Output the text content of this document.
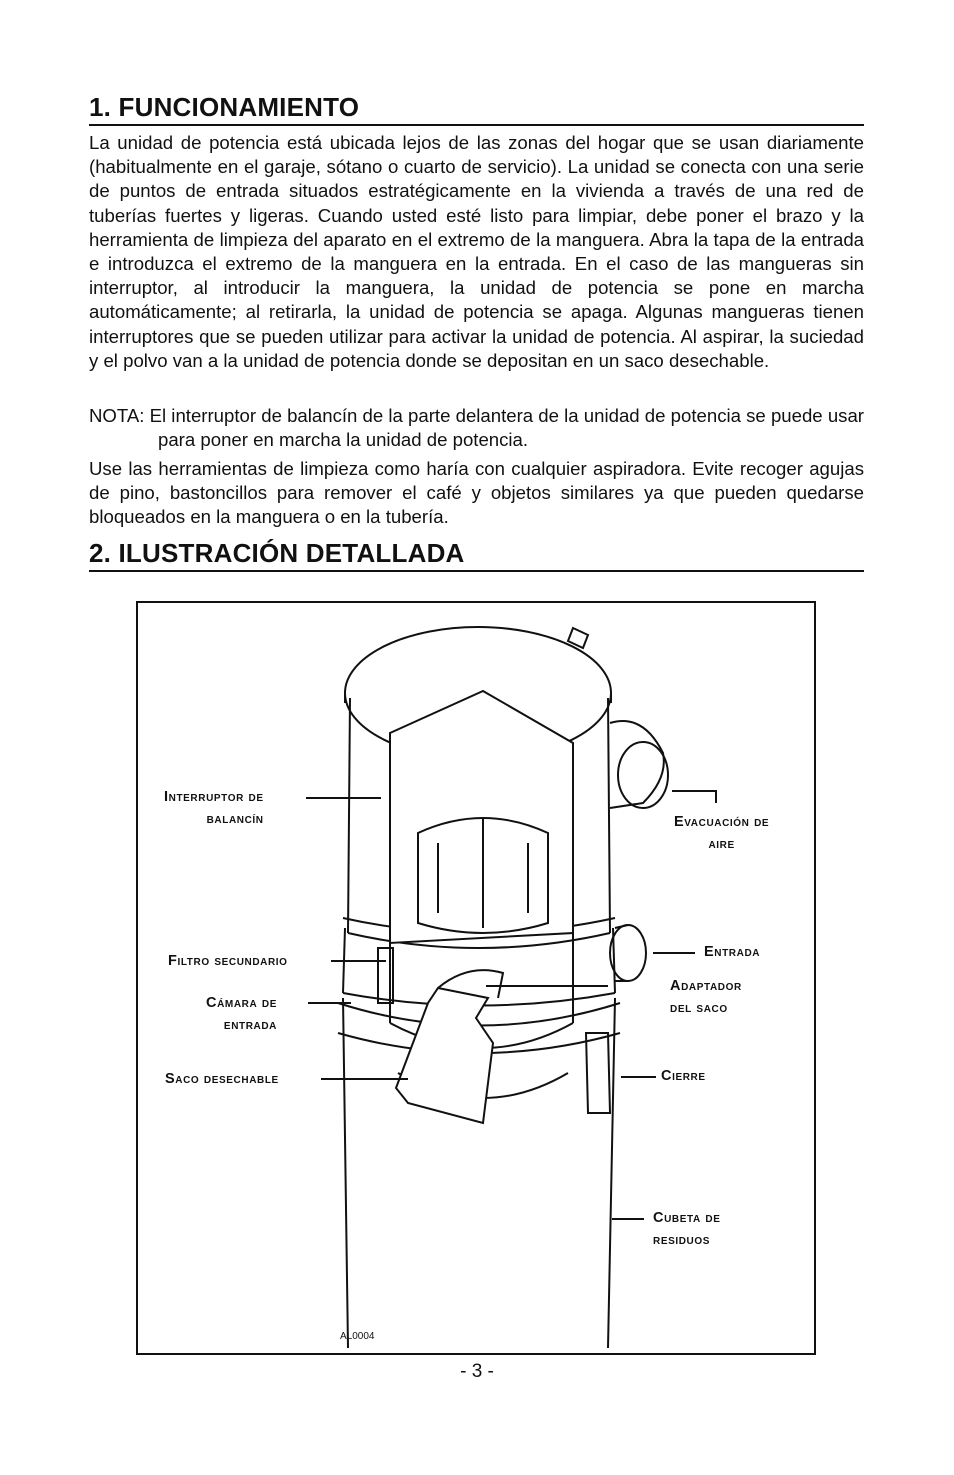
1. FUNCIONAMIENTO

La unidad de potencia está ubicada lejos de las zonas del hogar que se usan diariamente (habitualmente en el garaje, sótano o cuarto de servicio). La unidad se conecta con una serie de puntos de entrada situados estratégicamente en la vivienda a través de una red de tuberías fuertes y ligeras. Cuando usted esté listo para limpiar, debe poner el brazo y la herramienta de limpieza del aparato en el extremo de la manguera. Abra la tapa de la entrada e introduzca el extremo de la manguera en la entrada. En el caso de las mangueras sin interruptor, al introducir la manguera, la unidad de potencia se pone en marcha automáticamente; al retirarla, la unidad de potencia se apaga. Algunas mangueras tienen interruptores que se pueden utilizar para activar la unidad de potencia. Al aspirar, la suciedad y el polvo van a la unidad de potencia donde se depositan en un saco desechable.

NOTA: El interruptor de balancín de la parte delantera de la unidad de potencia se puede usar para poner en marcha la unidad de potencia.

Use las herramientas de limpieza como haría con cualquier aspiradora. Evite recoger agujas de pino, bastoncillos para remover el café y objetos similares ya que pueden quedarse bloqueados en la manguera o en la tubería.

2. ILUSTRACIÓN DETALLADA
Interruptor de
balancín	Evacuación de
aire
Filtro secundario
Entrada
Cámara de
entrada
Adaptador
del saco
Saco desechable	Cierre
Cubeta de
residuos
AL0004
- 3 -
